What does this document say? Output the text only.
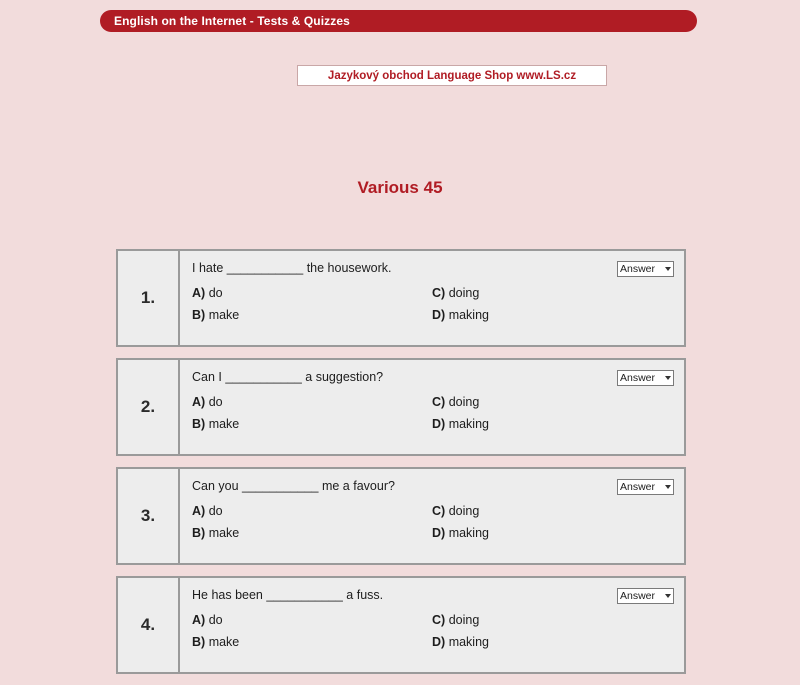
English on the Internet - Tests & Quizzes
Jazykový obchod Language Shop www.LS.cz
Various 45
1.
I hate ___________ the housework.
A) do	C) doing
B) make	D) making
Answer
2.
Can I ___________ a suggestion?
A) do	C) doing
B) make	D) making
Answer
3.
Can you ___________ me a favour?
A) do	C) doing
B) make	D) making
Answer
4.
He has been ___________ a fuss.
A) do	C) doing
B) make	D) making
Answer
